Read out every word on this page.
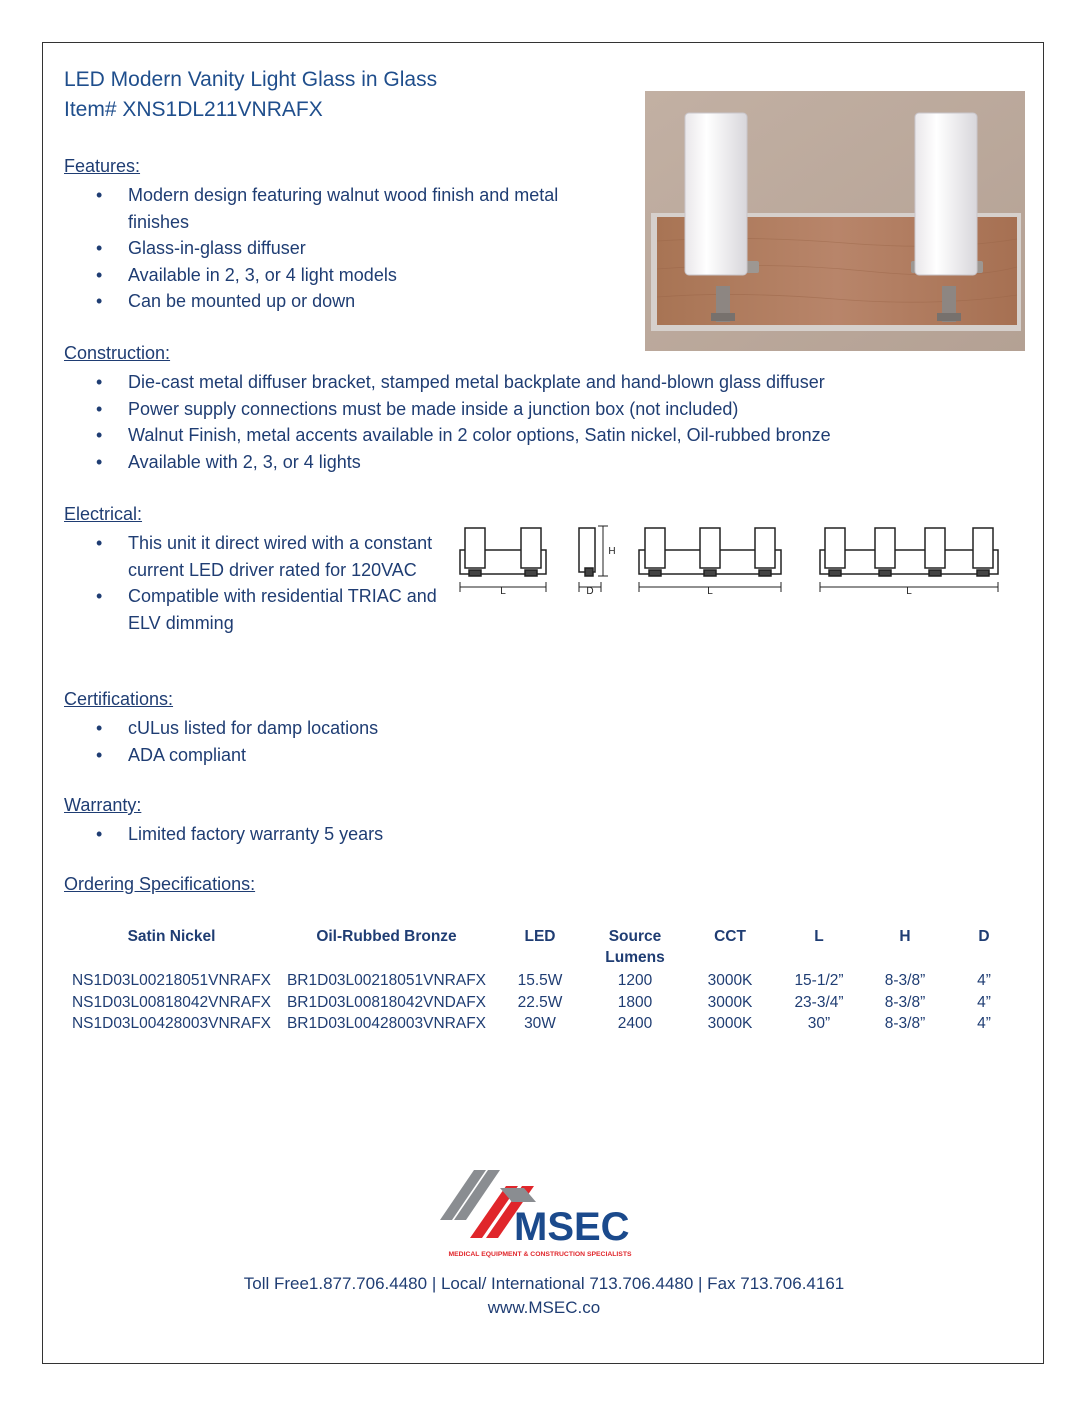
LED Modern Vanity Light Glass in Glass
Item# XNS1DL211VNRAFX
Features:
• Modern design featuring walnut wood finish and metal finishes
• Glass-in-glass diffuser
• Available in 2, 3, or 4 light models
• Can be mounted up or down
Construction:
• Die-cast metal diffuser bracket, stamped metal backplate and hand-blown glass diffuser
• Power supply connections must be made inside a junction box (not included)
• Walnut Finish, metal accents available in 2 color options, Satin nickel, Oil-rubbed bronze
• Available with 2, 3, or 4 lights
Electrical:
• This unit it direct wired with a constant current LED driver rated for 120VAC
• Compatible with residential TRIAC and ELV dimming
L	D
H
L	L
Certifications:
• cULus listed for damp locations
• ADA compliant
Warranty:
• Limited factory warranty 5 years
Ordering Specifications:
Satin Nickel	Oil-Rubbed Bronze	LED	Source Lumens	CCT	L	H	D
NS1D03L00218051VNRAFX	BR1D03L00218051VNRAFX	15.5W	1200	3000K	15-1/2”	8-3/8”	4”
NS1D03L00818042VNRAFX	BR1D03L00818042VNDAFX	22.5W	1800	3000K	23-3/4”	8-3/8”	4”
NS1D03L00428003VNRAFX	BR1D03L00428003VNRAFX	30W	2400	3000K	30”	8-3/8”	4”
MSEC
MEDICAL EQUIPMENT & CONSTRUCTION SPECIALISTS
Toll Free1.877.706.4480 | Local/ International 713.706.4480 | Fax 713.706.4161
www.MSEC.co
